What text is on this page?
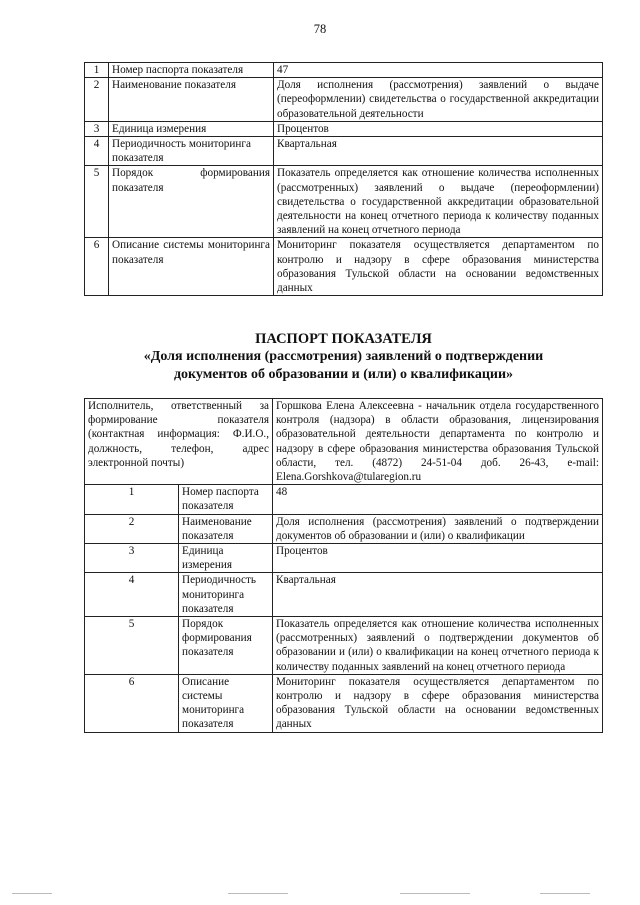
78
1	Номер паспорта показателя	47
2	Наименование показателя	Доля исполнения (рассмотрения) заявлений о выдаче (переоформлении) свидетельства о государственной аккредитации образовательной деятельности
3	Единица измерения	Процентов
4	Периодичность мониторинга показателя	Квартальная
5	Порядок формирования показателя	Показатель определяется как отношение количества исполненных (рассмотренных) заявлений о выдаче (переоформлении) свидетельства о государственной аккредитации образовательной деятельности на конец отчетного периода к количеству поданных заявлений на конец отчетного периода
6	Описание системы мониторинга показателя	Мониторинг показателя осуществляется департаментом по контролю и надзору в сфере образования министерства образования Тульской области на основании ведомственных данных
ПАСПОРТ ПОКАЗАТЕЛЯ
«Доля исполнения (рассмотрения) заявлений о подтверждении
документов об образовании и (или) о квалификации»
Исполнитель, ответственный за формирование показателя (контактная информация: Ф.И.О., должность, телефон, адрес электронной почты)		Горшкова Елена Алексеевна - начальник отдела государственного контроля (надзора) в области образования, лицензирования образовательной деятельности департамента по контролю и надзору в сфере образования министерства образования Тульской области, тел. (4872) 24-51-04 доб. 26-43, e-mail: Elena.Gorshkova@tularegion.ru
1	Номер паспорта показателя	48
2	Наименование показателя	Доля исполнения (рассмотрения) заявлений о подтверждении документов об образовании и (или) о квалификации
3	Единица измерения	Процентов
4	Периодичность мониторинга показателя	Квартальная
5	Порядок формирования показателя	Показатель определяется как отношение количества исполненных (рассмотренных) заявлений о подтверждении документов об образовании и (или) о квалификации на конец отчетного периода к количеству поданных заявлений на конец отчетного периода
6	Описание системы мониторинга показателя	Мониторинг показателя осуществляется департаментом по контролю и надзору в сфере образования министерства образования Тульской области на основании ведомственных данных
